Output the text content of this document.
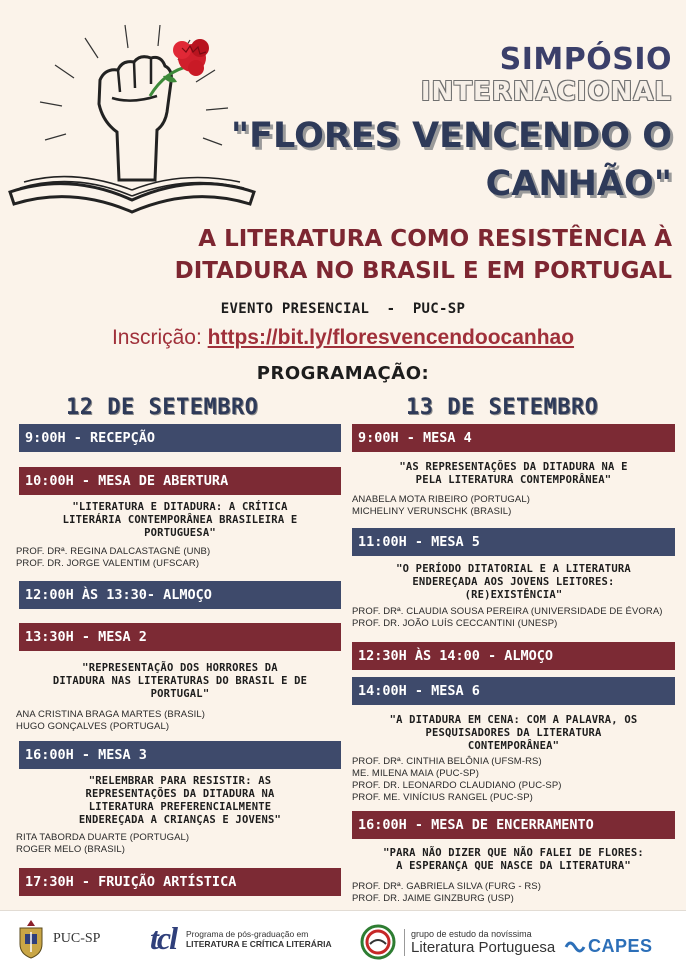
SIMPÓSIO
INTERNACIONAL
"FLORES VENCENDO O
CANHÃO"
A LITERATURA COMO RESISTÊNCIA À
DITADURA NO BRASIL E EM PORTUGAL
EVENTO PRESENCIAL  -  PUC-SP
Inscrição: https://bit.ly/floresvencendoocanhao
PROGRAMAÇÃO:
12 DE SETEMBRO	13 DE SETEMBRO
9:00H - RECEPÇÃO
10:00H - MESA DE ABERTURA

"LITERATURA E DITADURA: A CRÍTICA

LITERÁRIA CONTEMPORÂNEA BRASILEIRA E

PORTUGUESA"

PROF. DRª. REGINA DALCASTAGNÈ (UNB)
PROF. DR. JORGE VALENTIM (UFSCAR)
12:00H ÀS 13:30- ALMOÇO
13:30H - MESA 2

"REPRESENTAÇÃO DOS HORRORES DA

DITADURA NAS LITERATURAS DO BRASIL E DE

PORTUGAL"

ANA CRISTINA BRAGA MARTES (BRASIL)
HUGO GONÇALVES (PORTUGAL)
16:00H - MESA 3

"RELEMBRAR PARA RESISTIR: AS

REPRESENTAÇÕES DA DITADURA NA

LITERATURA PREFERENCIALMENTE

ENDEREÇADA A CRIANÇAS E JOVENS"

RITA TABORDA DUARTE (PORTUGAL)
ROGER MELO (BRASIL)
17:30H - FRUIÇÃO ARTÍSTICA
9:00H - MESA 4

"AS REPRESENTAÇÕES DA DITADURA NA E

PELA LITERATURA CONTEMPORÂNEA"

ANABELA MOTA RIBEIRO (PORTUGAL)
MICHELINY VERUNSCHK (BRASIL)
11:00H - MESA 5

"O PERÍODO DITATORIAL E A LITERATURA

ENDEREÇADA AOS JOVENS LEITORES:

(RE)EXISTÊNCIA"

PROF. DRª. CLAUDIA SOUSA PEREIRA (UNIVERSIDADE DE ÉVORA)
PROF. DR. JOÃO LUÍS CECCANTINI (UNESP)
12:30H ÀS 14:00 - ALMOÇO
14:00H - MESA 6

"A DITADURA EM CENA: COM A PALAVRA, OS

PESQUISADORES DA LITERATURA

CONTEMPORÂNEA"

PROF. DRª. CINTHIA BELÔNIA (UFSM-RS)
ME. MILENA MAIA (PUC-SP)
PROF. DR. LEONARDO CLAUDIANO (PUC-SP)
PROF. ME. VINÍCIUS RANGEL (PUC-SP)
16:00H - MESA DE ENCERRAMENTO

"PARA NÃO DIZER QUE NÃO FALEI DE FLORES:

A ESPERANÇA QUE NASCE DA LITERATURA"

PROF. DRª. GABRIELA SILVA (FURG - RS)
PROF. DR. JAIME GINZBURG (USP)
PUC-SP tcl Programa de pós-graduação em
LITERATURA E CRÍTICA LITERÁRIA
grupo de estudo da novíssima
Literatura Portuguesa CAPES
